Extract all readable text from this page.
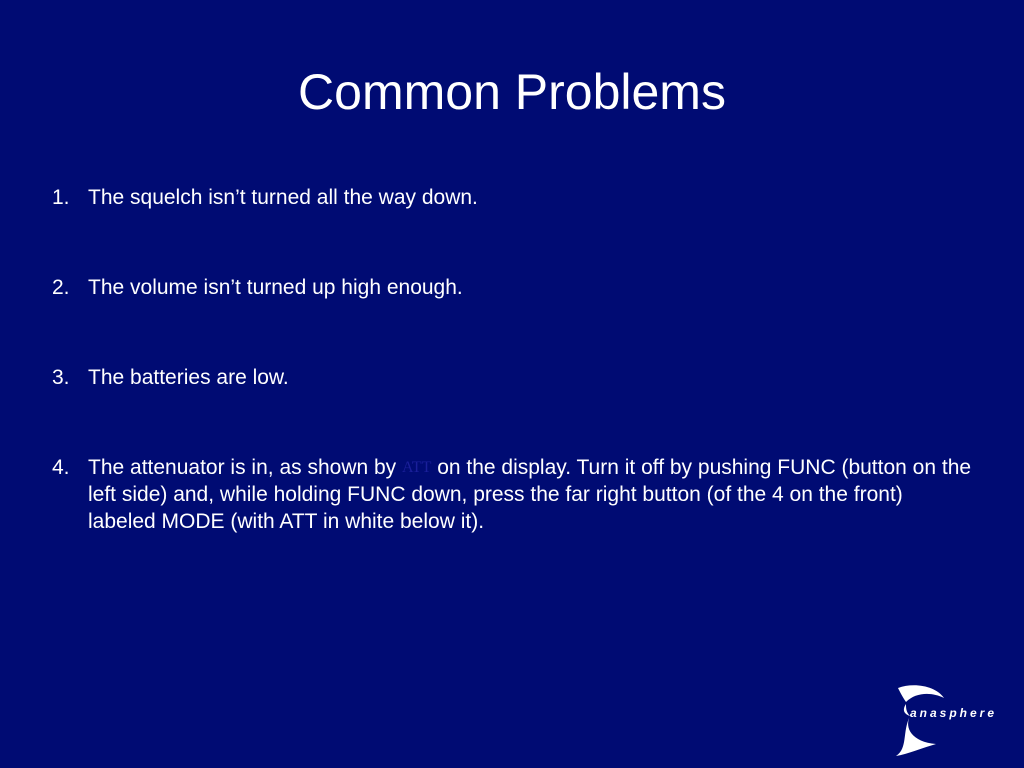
Common Problems
1. The squelch isn’t turned all the way down.
2. The volume isn’t turned up high enough.
3. The batteries are low.
4. The attenuator is in, as shown by ATT on the display. Turn it off by pushing FUNC (button on the left side) and, while holding FUNC down, press the far right button (of the 4 on the front) labeled MODE (with ATT in white below it).
anasphere
